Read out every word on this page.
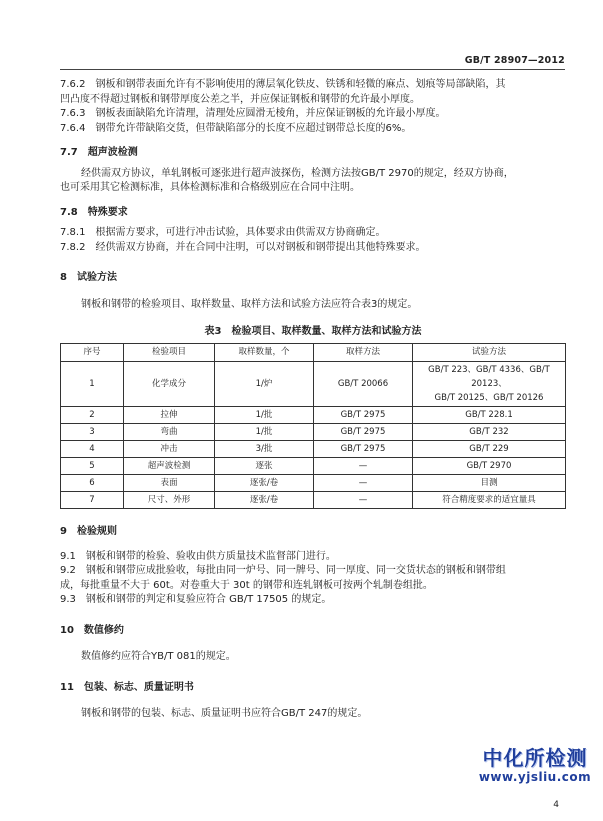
GB/T 28907—2012
7.6.2　 钢板和钢带表面允许有不影响使用的薄层氧化铁皮、铁锈和轻微的麻点、划痕等局部缺陷，其
凹凸度不得超过钢板和钢带厚度公差之半，并应保证钢板和钢带的允许最小厚度。
7.6.3　 钢板表面缺陷允许清理，清理处应圆滑无棱角，并应保证钢板的允许最小厚度。
7.6.4　 钢带允许带缺陷交货，但带缺陷部分的长度不应超过钢带总长度的6%。
7.7　超声波检测
经供需双方协议，单轧钢板可逐张进行超声波探伤，检测方法按GB/T 2970的规定，经双方协商，
也可采用其它检测标准，具体检测标准和合格级别应在合同中注明。
7.8　特殊要求
7.8.1　 根据需方要求，可进行冲击试验，具体要求由供需双方协商确定。
7.8.2　 经供需双方协商，并在合同中注明，可以对钢板和钢带提出其他特殊要求。
8　试验方法
钢板和钢带的检验项目、取样数量、取样方法和试验方法应符合表3的规定。
表3　检验项目、取样数量、取样方法和试验方法
序号	检验项目	取样数量，个	取样方法	试验方法
1	化学成分	1/炉	GB/T 20066	GB/T 223、GB/T 4336、GB/T 20123、
GB/T 20125、GB/T 20126

2	拉伸	1/批	GB/T 2975	GB/T 228.1
3	弯曲	1/批	GB/T 2975	GB/T 232
4	冲击	3/批	GB/T 2975	GB/T 229
5	超声波检测	逐张	—	GB/T 2970
6	表面	逐张/卷	—	目测
7	尺寸、外形	逐张/卷	—	符合精度要求的适宜量具
9　检验规则
9.1　 钢板和钢带的检验、验收由供方质量技术监督部门进行。
9.2　 钢板和钢带应成批验收，每批由同一炉号、同一牌号、同一厚度、同一交货状态的钢板和钢带组
成，每批重量不大于 60t。对卷重大于 30t 的钢带和连轧钢板可按两个轧制卷组批。
9.3　 钢板和钢带的判定和复验应符合 GB/T 17505 的规定。
10　数值修约
数值修约应符合YB/T 081的规定。
11　包装、标志、质量证明书
钢板和钢带的包装、标志、质量证明书应符合GB/T 247的规定。
中化所检测
www.yjsliu.com
4
